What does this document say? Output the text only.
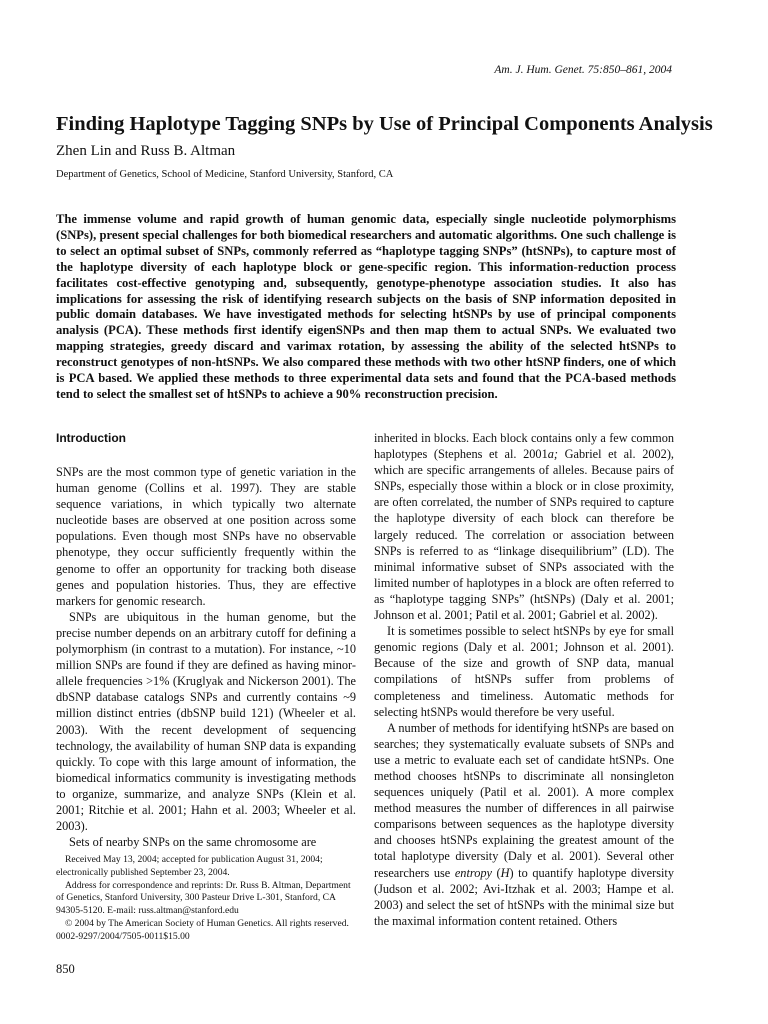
Am. J. Hum. Genet. 75:850–861, 2004
Finding Haplotype Tagging SNPs by Use of Principal Components Analysis
Zhen Lin and Russ B. Altman
Department of Genetics, School of Medicine, Stanford University, Stanford, CA

The immense volume and rapid growth of human genomic data, especially single nucleotide polymorphisms (SNPs), present special challenges for both biomedical researchers and automatic algorithms. One such challenge is to select an optimal subset of SNPs, commonly referred as “haplotype tagging SNPs” (htSNPs), to capture most of the haplotype diversity of each haplotype block or gene-specific region. This information-reduction process facilitates cost-effective genotyping and, subsequently, genotype-phenotype association studies. It also has implications for assessing the risk of identifying research subjects on the basis of SNP information deposited in public domain databases. We have investigated methods for selecting htSNPs by use of principal components analysis (PCA). These methods first identify eigenSNPs and then map them to actual SNPs. We evaluated two mapping strategies, greedy discard and varimax rotation, by assessing the ability of the selected htSNPs to reconstruct genotypes of non-htSNPs. We also compared these methods with two other htSNP finders, one of which is PCA based. We applied these methods to three experimental data sets and found that the PCA-based methods tend to select the smallest set of htSNPs to achieve a 90% reconstruction precision.

Introduction

SNPs are the most common type of genetic variation in the human genome (Collins et al. 1997). They are stable sequence variations, in which typically two alternate nucleotide bases are observed at one position across some populations. Even though most SNPs have no observable phenotype, they occur sufficiently frequently within the genome to offer an opportunity for tracking both disease genes and population histories. Thus, they are effective markers for genomic research.

SNPs are ubiquitous in the human genome, but the precise number depends on an arbitrary cutoff for defining a polymorphism (in contrast to a mutation). For instance, ~10 million SNPs are found if they are defined as having minor-allele frequencies >1% (Kruglyak and Nickerson 2001). The dbSNP database catalogs SNPs and currently contains ~9 million distinct entries (dbSNP build 121) (Wheeler et al. 2003). With the recent development of sequencing technology, the availability of human SNP data is expanding quickly. To cope with this large amount of information, the biomedical informatics community is investigating methods to organize, summarize, and analyze SNPs (Klein et al. 2001; Ritchie et al. 2001; Hahn et al. 2003; Wheeler et al. 2003).

Sets of nearby SNPs on the same chromosome are

inherited in blocks. Each block contains only a few common haplotypes (Stephens et al. 2001a; Gabriel et al. 2002), which are specific arrangements of alleles. Because pairs of SNPs, especially those within a block or in close proximity, are often correlated, the number of SNPs required to capture the haplotype diversity of each block can therefore be largely reduced. The correlation or association between SNPs is referred to as “linkage disequilibrium” (LD). The minimal informative subset of SNPs associated with the limited number of haplotypes in a block are often referred to as “haplotype tagging SNPs” (htSNPs) (Daly et al. 2001; Johnson et al. 2001; Patil et al. 2001; Gabriel et al. 2002).

It is sometimes possible to select htSNPs by eye for small genomic regions (Daly et al. 2001; Johnson et al. 2001). Because of the size and growth of SNP data, manual compilations of htSNPs suffer from problems of completeness and timeliness. Automatic methods for selecting htSNPs would therefore be very useful.

A number of methods for identifying htSNPs are based on searches; they systematically evaluate subsets of SNPs and use a metric to evaluate each set of candidate htSNPs. One method chooses htSNPs to discriminate all nonsingleton sequences uniquely (Patil et al. 2001). A more complex method measures the number of differences in all pairwise comparisons between sequences as the haplotype diversity and chooses htSNPs explaining the greatest amount of the total haplotype diversity (Daly et al. 2001). Several other researchers use entropy (H) to quantify haplotype diversity (Judson et al. 2002; Avi-Itzhak et al. 2003; Hampe et al. 2003) and select the set of htSNPs with the minimal size but the maximal information content retained. Others

Received May 13, 2004; accepted for publication August 31, 2004; electronically published September 23, 2004.

Address for correspondence and reprints: Dr. Russ B. Altman, Department of Genetics, Stanford University, 300 Pasteur Drive L-301, Stanford, CA 94305-5120. E-mail: russ.altman@stanford.edu

© 2004 by The American Society of Human Genetics. All rights reserved.

0002-9297/2004/7505-0011$15.00

850
